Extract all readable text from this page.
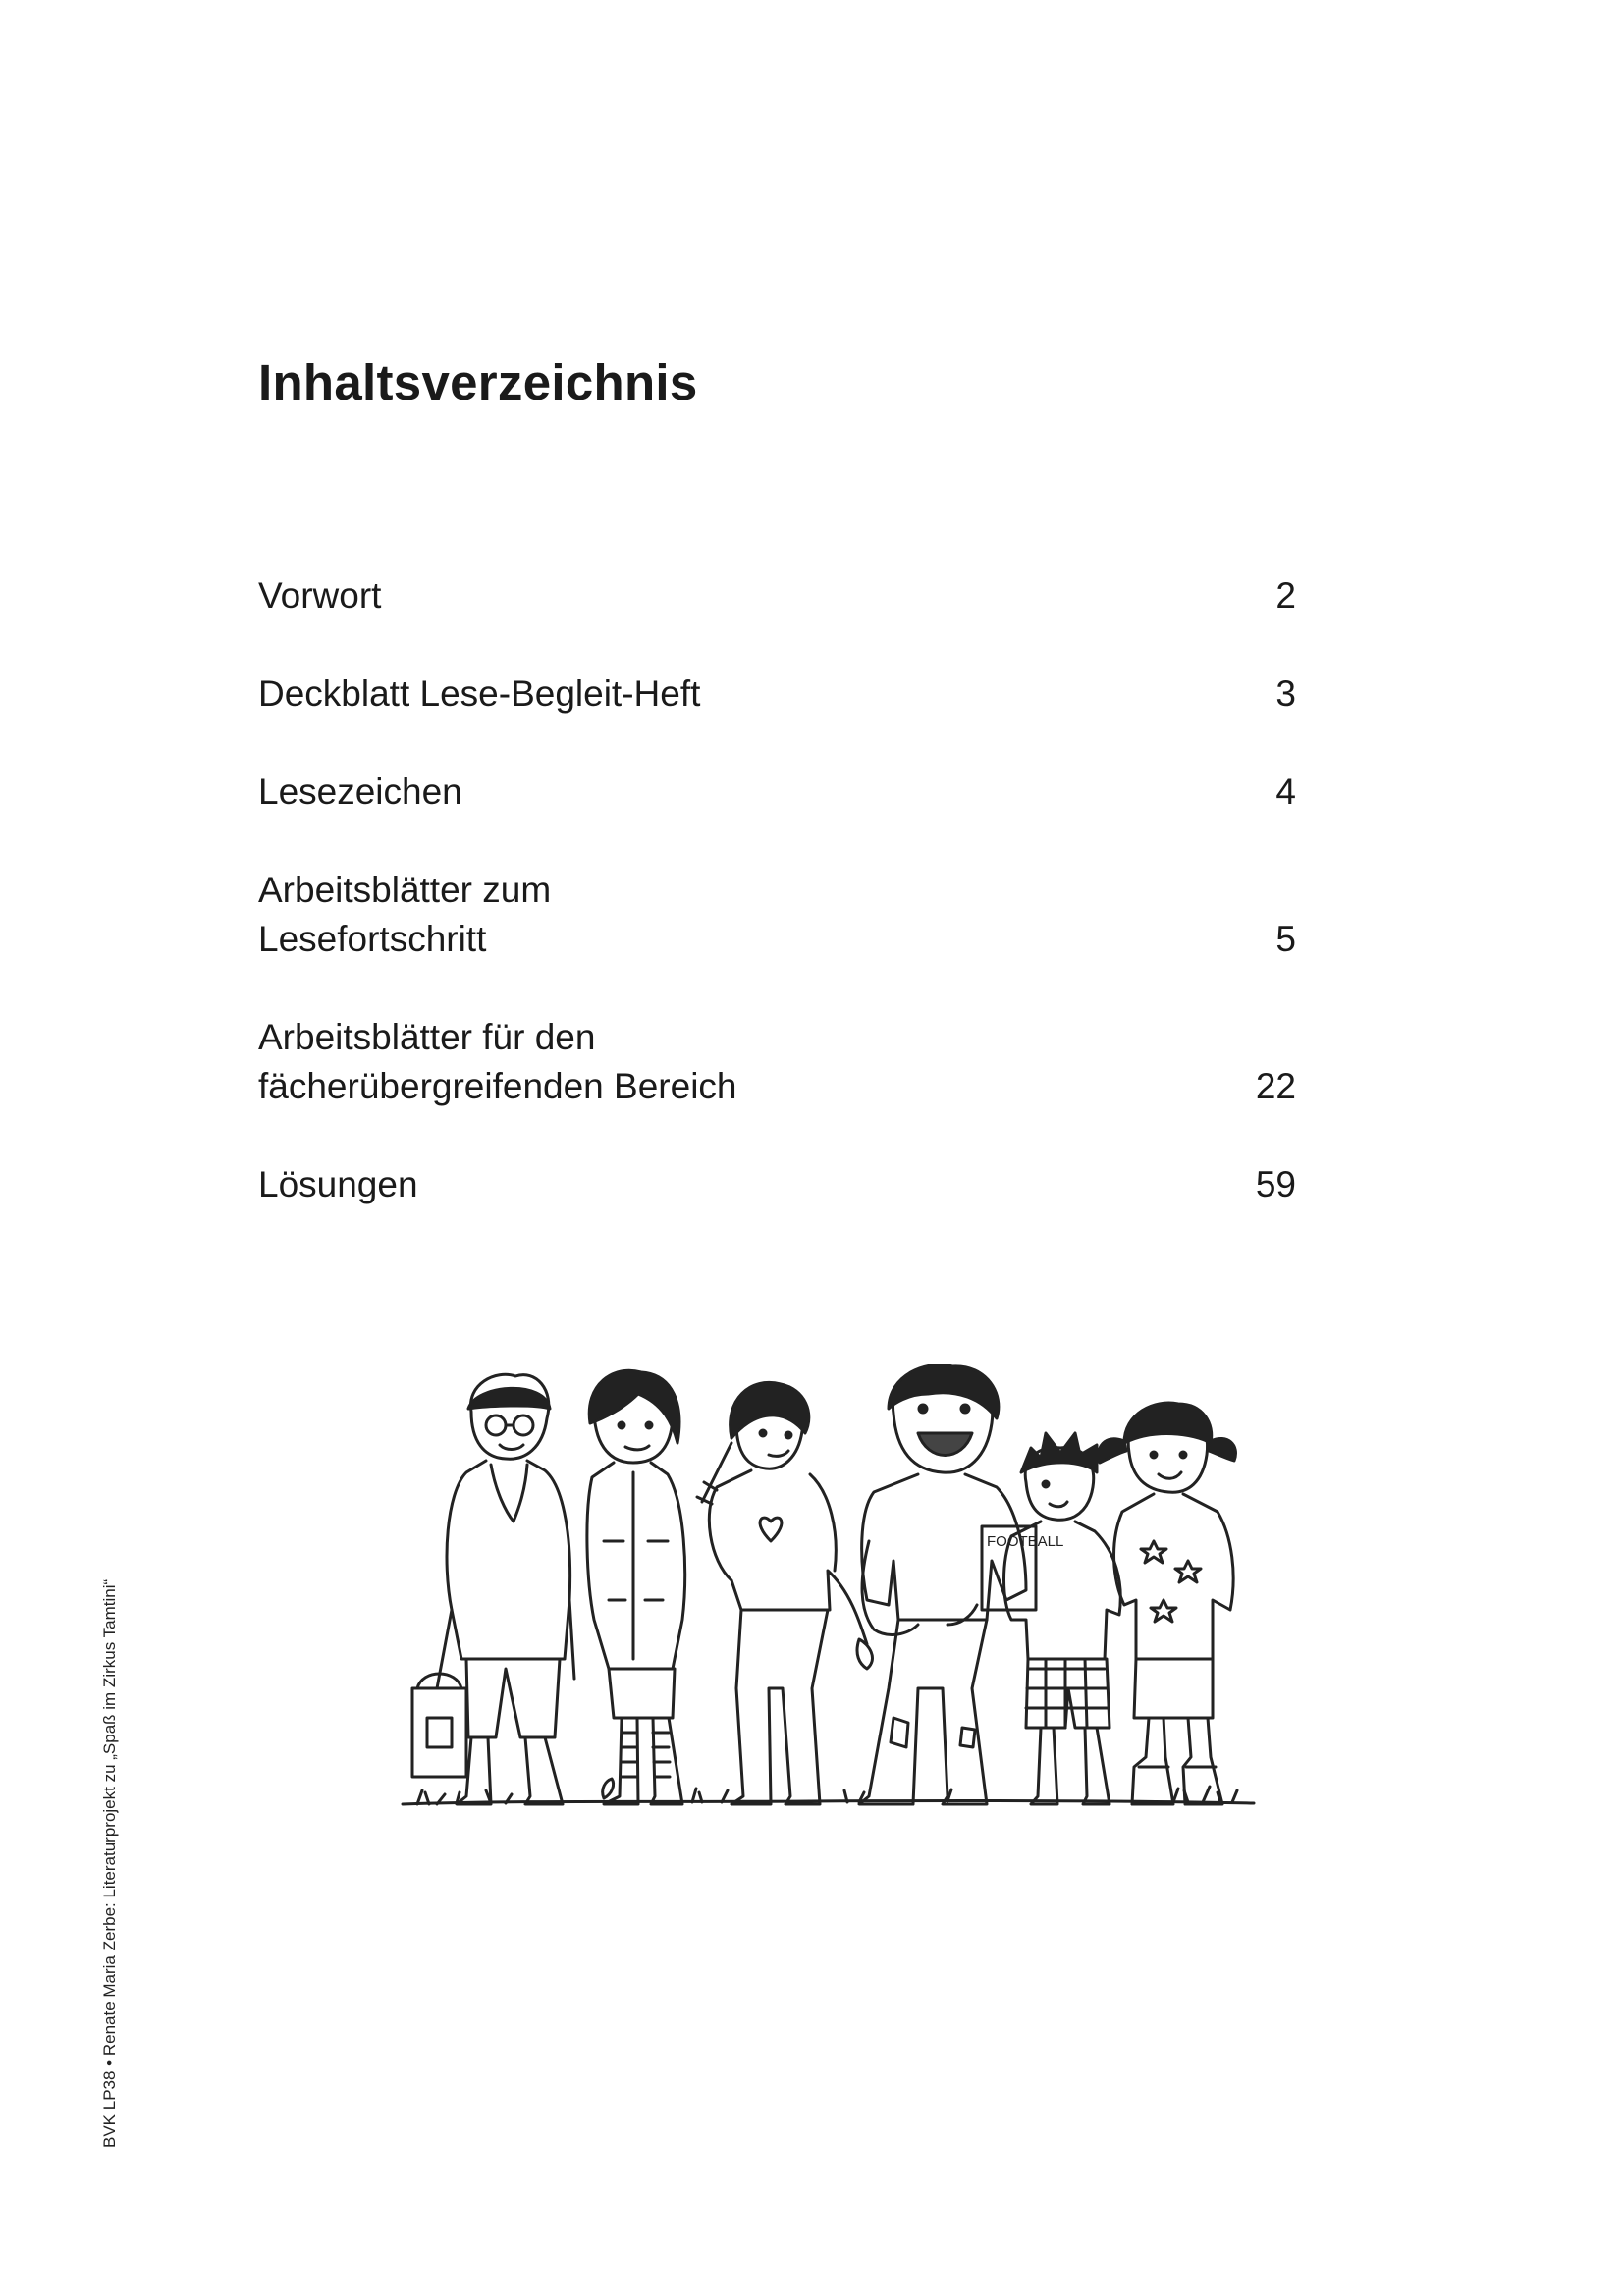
Inhaltsverzeichnis
Vorwort	2
Deckblatt Lese-Begleit-Heft	3
Lesezeichen	4
Arbeitsblätter zum
Lesefortschritt	5
Arbeitsblätter für den
fächerübergreifenden Bereich	22
Lösungen	59
FOOTBALL
BVK LP38 • Renate Maria Zerbe: Literaturprojekt zu „Spaß im Zirkus Tamtini“
